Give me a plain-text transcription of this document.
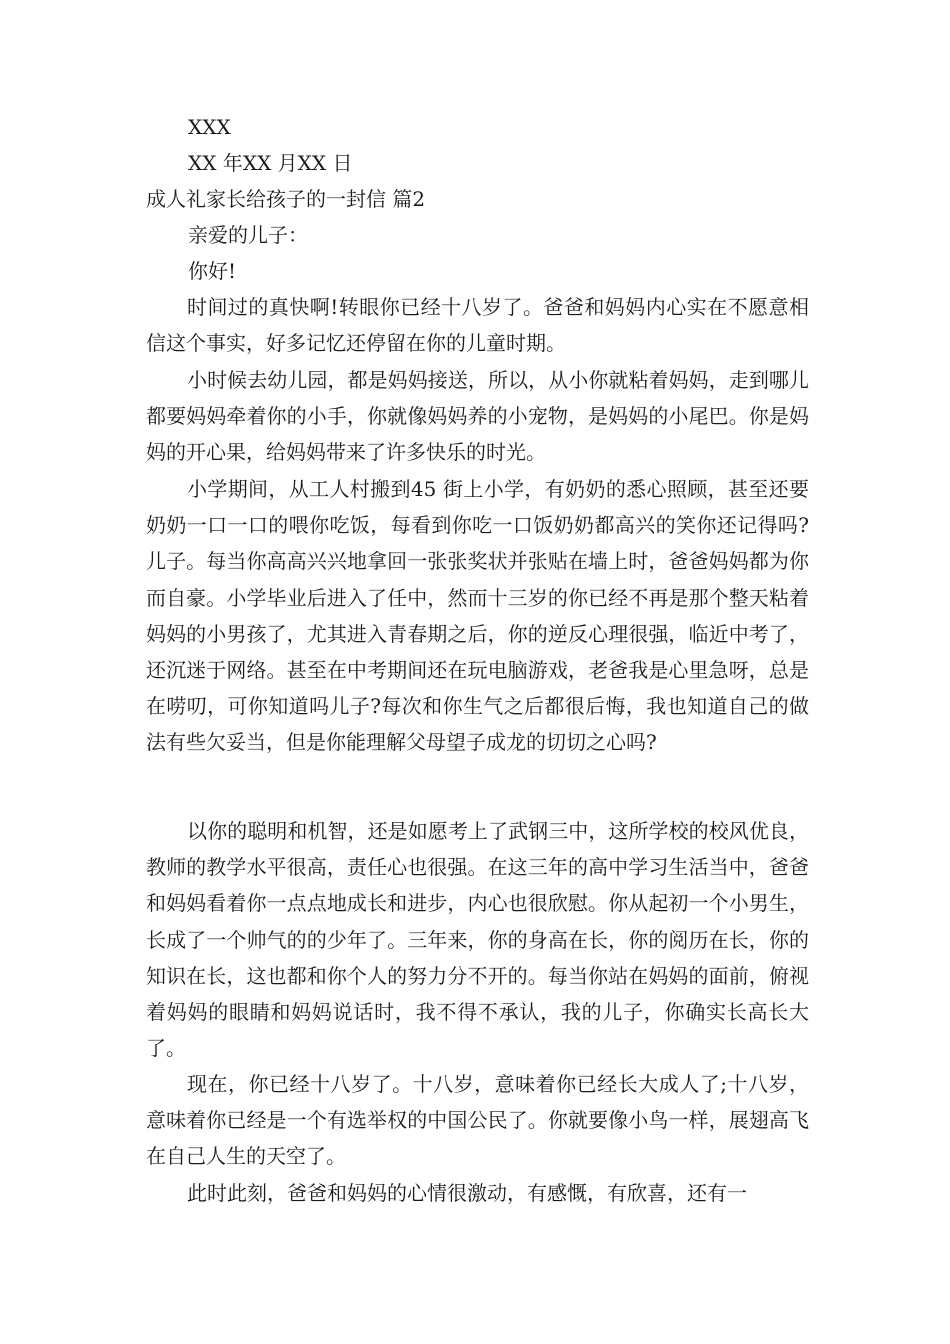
XXX
XX 年XX 月XX 日
成人礼家长给孩子的一封信 篇2
亲爱的儿子：
你好!

时间过的真快啊!转眼你已经十八岁了。爸爸和妈妈内心实在不愿意相信这个事实，好多记忆还停留在你的儿童时期。

小时候去幼儿园，都是妈妈接送，所以，从小你就粘着妈妈，走到哪儿都要妈妈牵着你的小手，你就像妈妈养的小宠物，是妈妈的小尾巴。你是妈妈的开心果，给妈妈带来了许多快乐的时光。

小学期间，从工人村搬到45 街上小学，有奶奶的悉心照顾，甚至还要奶奶一口一口的喂你吃饭，每看到你吃一口饭奶奶都高兴的笑你还记得吗?儿子。每当你高高兴兴地拿回一张张奖状并张贴在墙上时，爸爸妈妈都为你而自豪。小学毕业后进入了任中，然而十三岁的你已经不再是那个整天粘着妈妈的小男孩了，尤其进入青春期之后，你的逆反心理很强，临近中考了，还沉迷于网络。甚至在中考期间还在玩电脑游戏，老爸我是心里急呀，总是在唠叨，可你知道吗儿子?每次和你生气之后都很后悔，我也知道自己的做法有些欠妥当，但是你能理解父母望子成龙的切切之心吗?

以你的聪明和机智，还是如愿考上了武钢三中，这所学校的校风优良，教师的教学水平很高，责任心也很强。在这三年的高中学习生活当中，爸爸和妈妈看着你一点点地成长和进步，内心也很欣慰。你从起初一个小男生，长成了一个帅气的的少年了。三年来，你的身高在长，你的阅历在长，你的知识在长，这也都和你个人的努力分不开的。每当你站在妈妈的面前，俯视着妈妈的眼睛和妈妈说话时，我不得不承认，我的儿子，你确实长高长大了。

现在，你已经十八岁了。十八岁，意味着你已经长大成人了;十八岁，意味着你已经是一个有选举权的中国公民了。你就要像小鸟一样，展翅高飞在自己人生的天空了。

此时此刻，爸爸和妈妈的心情很激动，有感慨，有欣喜，还有一
